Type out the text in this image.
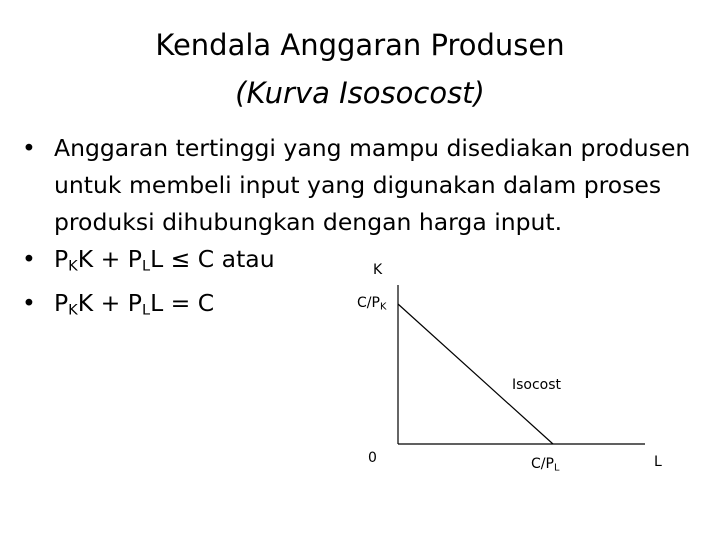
Kendala Anggaran Produsen
(Kurva Isosocost)
• Anggaran tertinggi yang mampu disediakan produsen untuk membeli input yang digunakan dalam proses produksi dihubungkan dengan harga input.
• $P_KK + P_LL \le C$ atau
• $P_KK + P_LL = C$
K
$C/P_K$
Isocost
0	$C/P_L$	L
